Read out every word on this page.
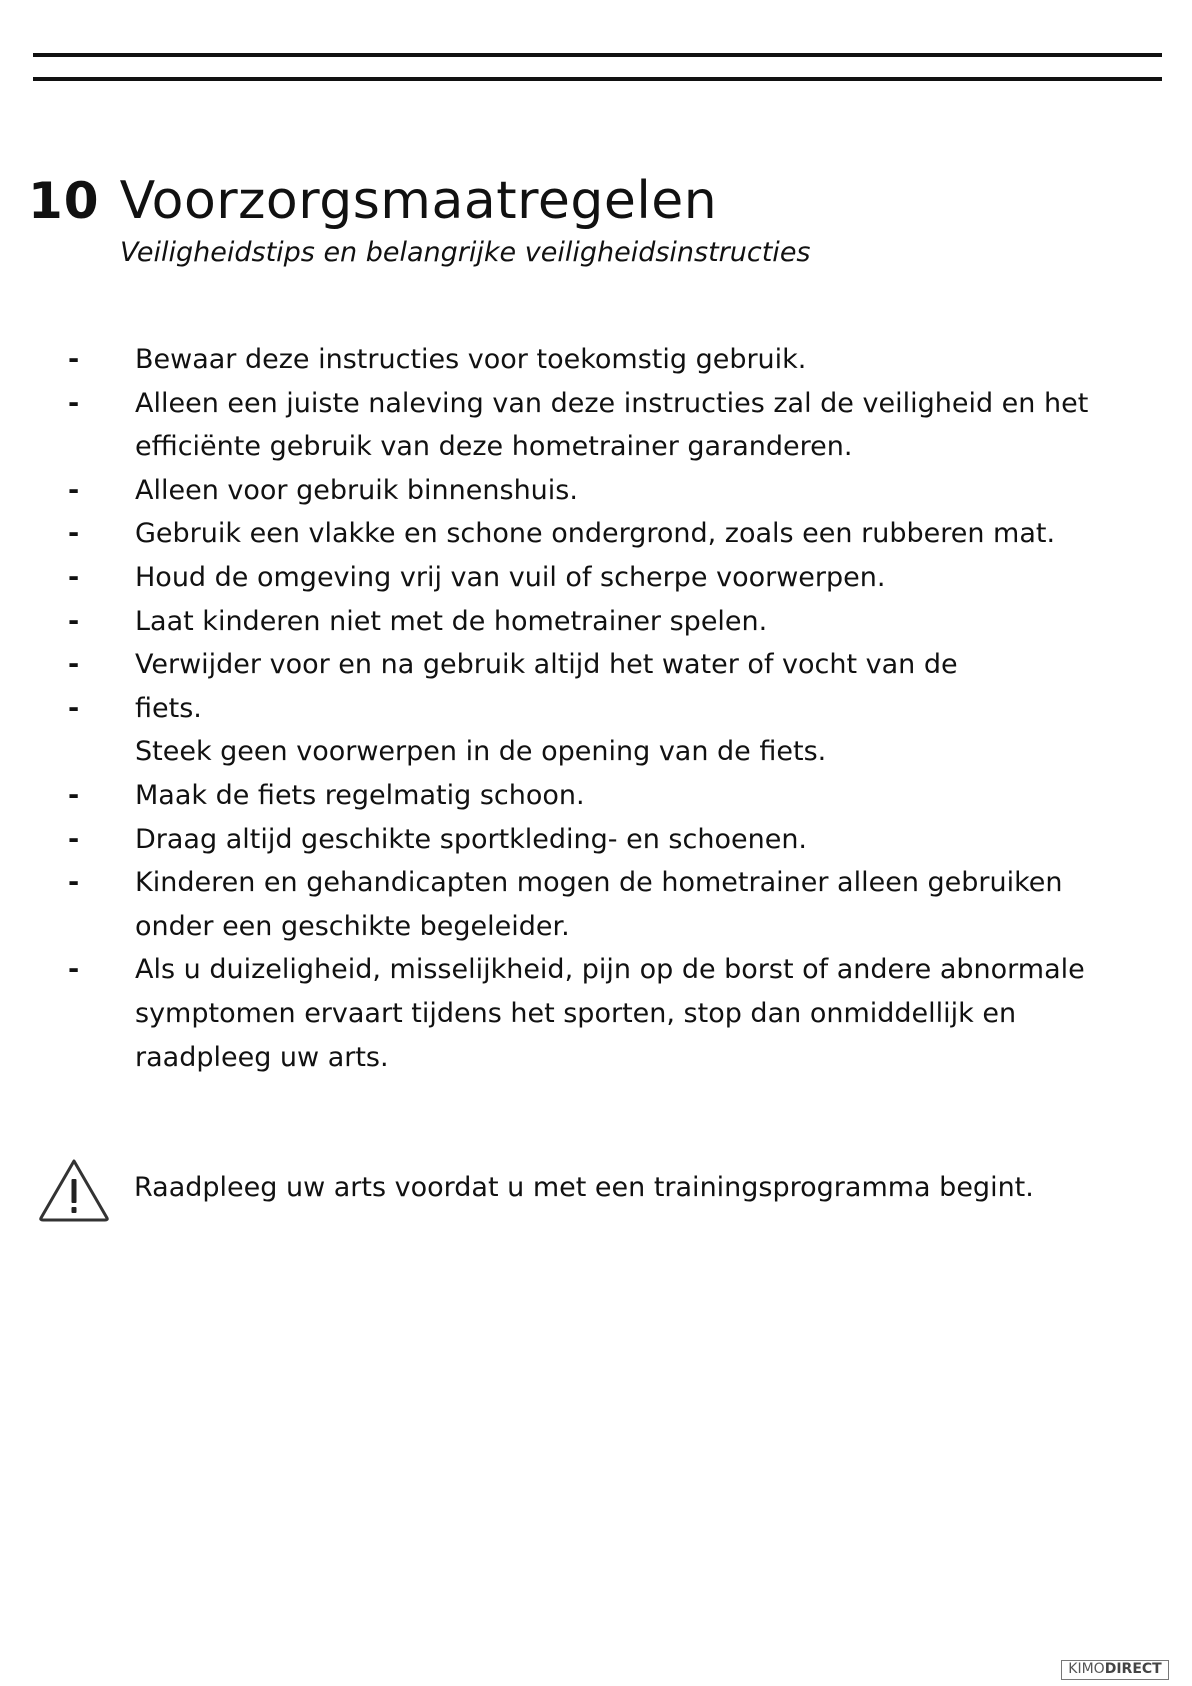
10 Voorzorgsmaatregelen
Veiligheidstips en belangrijke veiligheidsinstructies
- Bewaar deze instructies voor toekomstig gebruik.
- Alleen een juiste naleving van deze instructies zal de veiligheid en het efficiënte gebruik van deze hometrainer garanderen.
- Alleen voor gebruik binnenshuis.
- Gebruik een vlakke en schone ondergrond, zoals een rubberen mat.
- Houd de omgeving vrij van vuil of scherpe voorwerpen.
- Laat kinderen niet met de hometrainer spelen.
- Verwijder voor en na gebruik altijd het water of vocht van de
- fiets.
Steek geen voorwerpen in de opening van de fiets.
- Maak de fiets regelmatig schoon.
- Draag altijd geschikte sportkleding- en schoenen.
- Kinderen en gehandicapten mogen de hometrainer alleen gebruiken onder een geschikte begeleider.
- Als u duizeligheid, misselijkheid, pijn op de borst of andere abnormale symptomen ervaart tijdens het sporten, stop dan onmiddellijk en raadpleeg uw arts.
Raadpleeg uw arts voordat u met een trainingsprogramma begint.
KIMODIRECT
